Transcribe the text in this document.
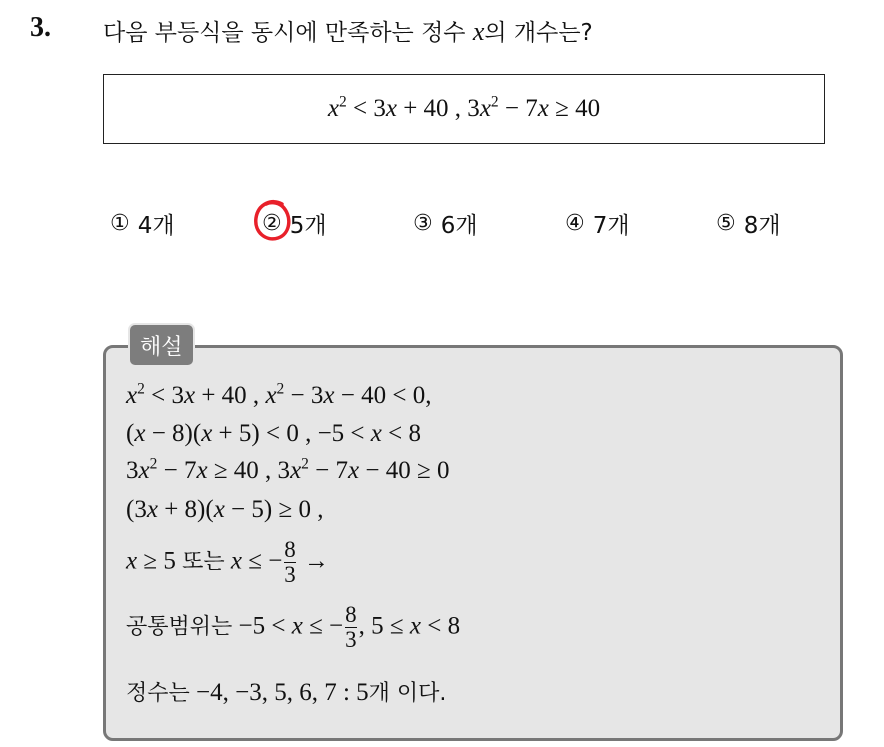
3. 다음 부등식을 동시에 만족하는 정수 x의 개수는?
$x^2 < 3x + 40$ , $3x^2 - 7x \ge 40$
① 4개	② 5개	③ 6개	④ 7개	⑤ 8개
해설
$x^2 < 3x + 40$ , $x^2 - 3x - 40 < 0$,
(x − 8)(x + 5) < 0 , −5 < x < 8
$3x^2 - 7x \ge 40$ , $3x^2 - 7x - 40 \ge 0$
(3x + 8)(x − 5) ≥ 0 ,
x ≥ 5 또는 x ≤ − $\frac{8}{3}$ →
공통범위는 −5 < x ≤ − $\frac{8}{3}$ , 5 ≤ x < 8
정수는 −4, −3, 5, 6, 7 : 5개 이다.
